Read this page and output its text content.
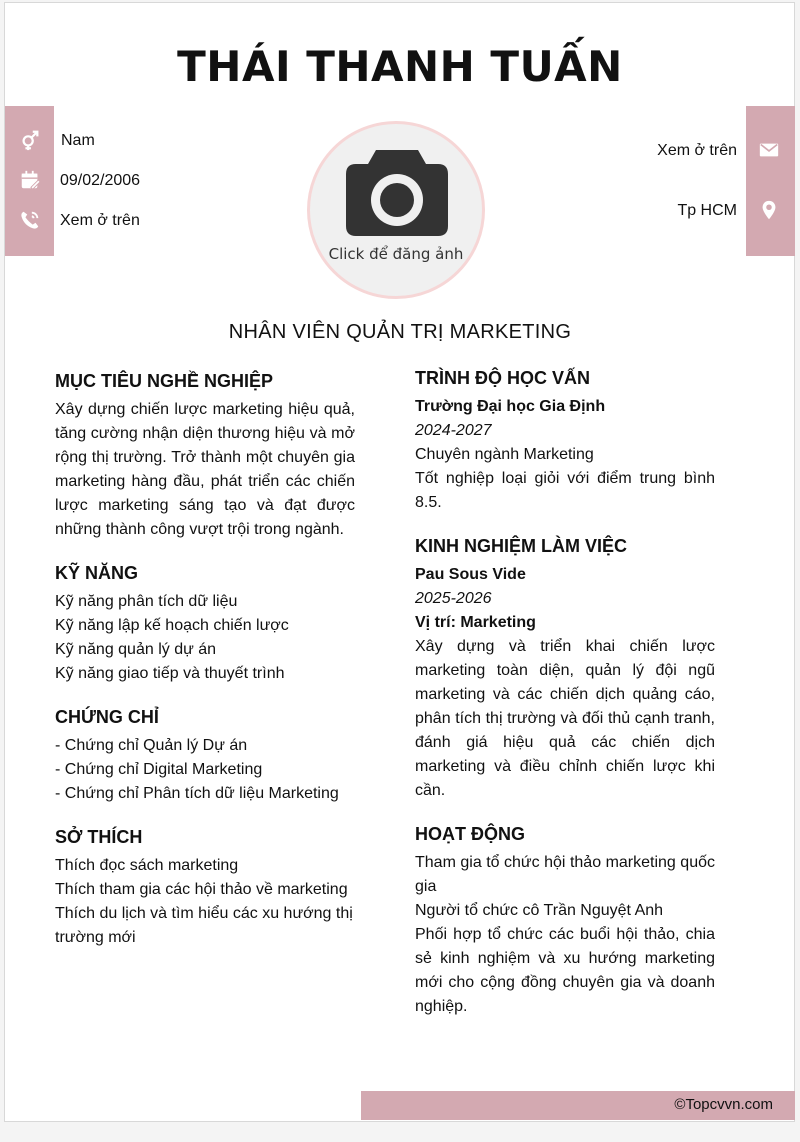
THÁI THANH TUẤN
Nam
09/02/2006
Xem ở trên
Xem ở trên
Tp HCM
Click để đăng ảnh
NHÂN VIÊN QUẢN TRỊ MARKETING
MỤC TIÊU NGHỀ NGHIỆP
Xây dựng chiến lược marketing hiệu quả, tăng cường nhận diện thương hiệu và mở rộng thị trường. Trở thành một chuyên gia marketing hàng đầu, phát triển các chiến lược marketing sáng tạo và đạt được những thành công vượt trội trong ngành.
KỸ NĂNG
Kỹ năng phân tích dữ liệu
Kỹ năng lập kế hoạch chiến lược
Kỹ năng quản lý dự án
Kỹ năng giao tiếp và thuyết trình
CHỨNG CHỈ
- Chứng chỉ Quản lý Dự án
- Chứng chỉ Digital Marketing
- Chứng chỉ Phân tích dữ liệu Marketing
SỞ THÍCH
Thích đọc sách marketing
Thích tham gia các hội thảo về marketing
Thích du lịch và tìm hiểu các xu hướng thị trường mới
TRÌNH ĐỘ HỌC VẤN
Trường Đại học Gia Định
2024-2027
Chuyên ngành Marketing
Tốt nghiệp loại giỏi với điểm trung bình 8.5.
KINH NGHIỆM LÀM VIỆC
Pau Sous Vide
2025-2026
Vị trí: Marketing
Xây dựng và triển khai chiến lược marketing toàn diện, quản lý đội ngũ marketing và các chiến dịch quảng cáo, phân tích thị trường và đối thủ cạnh tranh, đánh giá hiệu quả các chiến dịch marketing và điều chỉnh chiến lược khi cần.
HOẠT ĐỘNG
Tham gia tổ chức hội thảo marketing quốc gia
Người tổ chức cô Trần Nguyệt Anh
Phối hợp tổ chức các buổi hội thảo, chia sẻ kinh nghiệm và xu hướng marketing mới cho cộng đồng chuyên gia và doanh nghiệp.
©Topcvvn.com
